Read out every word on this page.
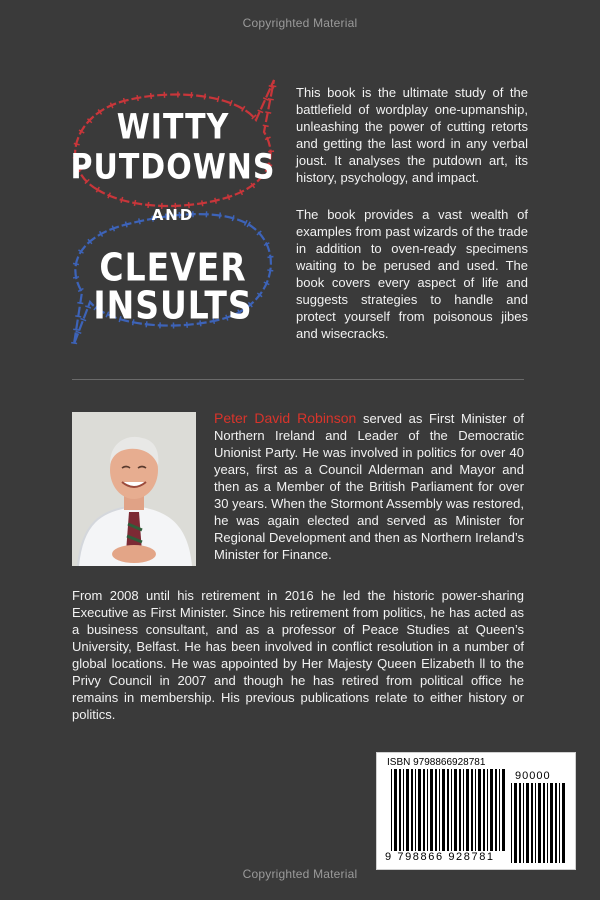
Copyrighted Material
WITTY
PUTDOWNS
AND
CLEVER
INSULTS
This book is the ultimate study of the battlefield of wordplay one-upmanship, unleashing the power of cutting retorts and getting the last word in any verbal joust. It analyses the putdown art, its history, psychology, and impact.
The book provides a vast wealth of examples from past wizards of the trade in addition to oven-ready specimens waiting to be perused and used. The book covers every aspect of life and suggests strategies to handle and protect yourself from poisonous jibes and wisecracks.
Peter David Robinson served as First Minister of Northern Ireland and Leader of the Democratic Unionist Party. He was involved in politics for over 40 years, first as a Council Alderman and Mayor and then as a Member of the British Parliament for over 30 years. When the Stormont Assembly was restored, he was again elected and served as Minister for Regional Development and then as Northern Ireland’s Minister for Finance.
From 2008 until his retirement in 2016 he led the historic power-sharing Executive as First Minister. Since his retirement from politics, he has acted as a business consultant, and as a professor of Peace Studies at Queen’s University, Belfast. He has been involved in conflict resolution in a number of global locations. He was appointed by Her Majesty Queen Elizabeth ll to the Privy Council in 2007 and though he has retired from political office he remains in membership. His previous publications relate to either history or politics.
ISBN 9798866928781
90000
9 798866 928781
Copyrighted Material
